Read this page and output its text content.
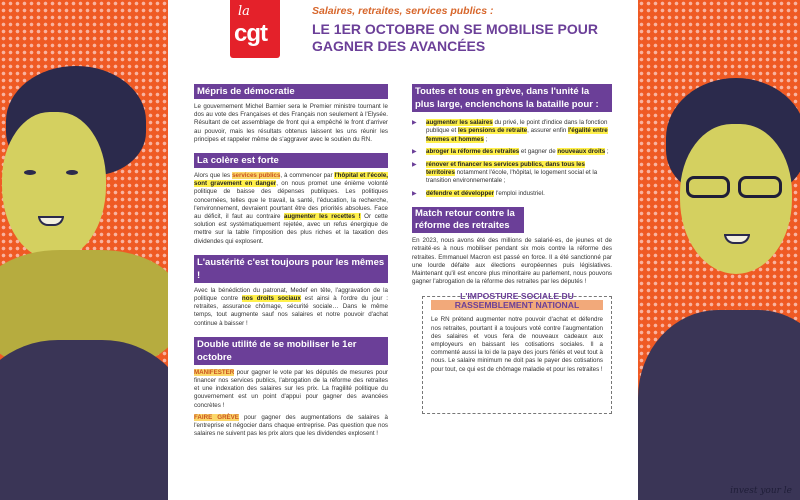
invest your le
la
cgt
Salaires, retraites, services publics :
LE 1ER OCTOBRE ON SE MOBILISE POUR GAGNER DES AVANCÉES
Mépris de démocratie

Le gouvernement Michel Barnier sera le Premier ministre tournant le dos au vote des Françaises et des Français non seulement à l'Elysée. Résultant de cet assemblage de front qui a empêché le front d'arriver au pouvoir, mais les résultats obtenus laissent les uns réunir les principes et rappeler même de s'aggraver avec le soutien du RN.

La colère est forte

Alors que les services publics, à commencer par l'hôpital et l'école, sont gravement en danger, on nous promet une énième volonté politique de baisse des dépenses publiques. Les politiques concernées, telles que le travail, la santé, l'éducation, la recherche, l'environnement, devraient pourtant être des priorités absolues. Face au déficit, il faut au contraire augmenter les recettes ! Or cette solution est systématiquement rejetée, avec un refus énergique de mettre sur la table l'imposition des plus riches et la taxation des dividendes qui explosent.

L'austérité c'est toujours pour les mêmes !

Avec la bénédiction du patronat, Medef en tête, l'aggravation de la politique contre nos droits sociaux est ainsi à l'ordre du jour : retraites, assurance chômage, sécurité sociale… Dans le même temps, tout augmente sauf nos salaires et notre pouvoir d'achat continue à baisser !

Double utilité de se mobiliser le 1er octobre

MANIFESTER pour gagner le vote par les députés de mesures pour financer nos services publics, l'abrogation de la réforme des retraites et une indexation des salaires sur les prix. La fragilité politique du gouvernement est un point d'appui pour gagner des avancées concrètes !

FAIRE GRÈVE pour gagner des augmentations de salaires à l'entreprise et négocier dans chaque entreprise. Pas question que nos salaires ne suivent pas les prix alors que les dividendes explosent !

Toutes et tous en grève, dans l'unité la plus large, enclenchons la bataille pour :
▶ augmenter les salaires du privé, le point d'indice dans la fonction publique et les pensions de retraite, assurer enfin l'égalité entre femmes et hommes ;
▶ abroger la réforme des retraites et gagner de nouveaux droits ;
▶ rénover et financer les services publics, dans tous les territoires notamment l'école, l'hôpital, le logement social et la transition environnementale ;
▶ défendre et développer l'emploi industriel.
Match retour contre la réforme des retraites

En 2023, nous avons été des millions de salarié·es, de jeunes et de retraité·es à nous mobiliser pendant six mois contre la réforme des retraites. Emmanuel Macron est passé en force. Il a été sanctionné par une lourde défaite aux élections européennes puis législatives. Maintenant qu'il est encore plus minoritaire au parlement, nous pouvons gagner l'abrogation de la réforme des retraites par les députés !

L'IMPOSTURE SOCIALE DU RASSEMBLEMENT NATIONAL

Le RN prétend augmenter notre pouvoir d'achat et défendre nos retraites, pourtant il a toujours voté contre l'augmentation des salaires et vous fera de nouveaux cadeaux aux employeurs en baissant les cotisations sociales. Il a commenté aussi la loi de la paye des jours fériés et veut tout à nous. Le salaire minimum ne doit pas le payer des cotisations pour tout, ce qui est de chômage maladie et pour les retraites !
